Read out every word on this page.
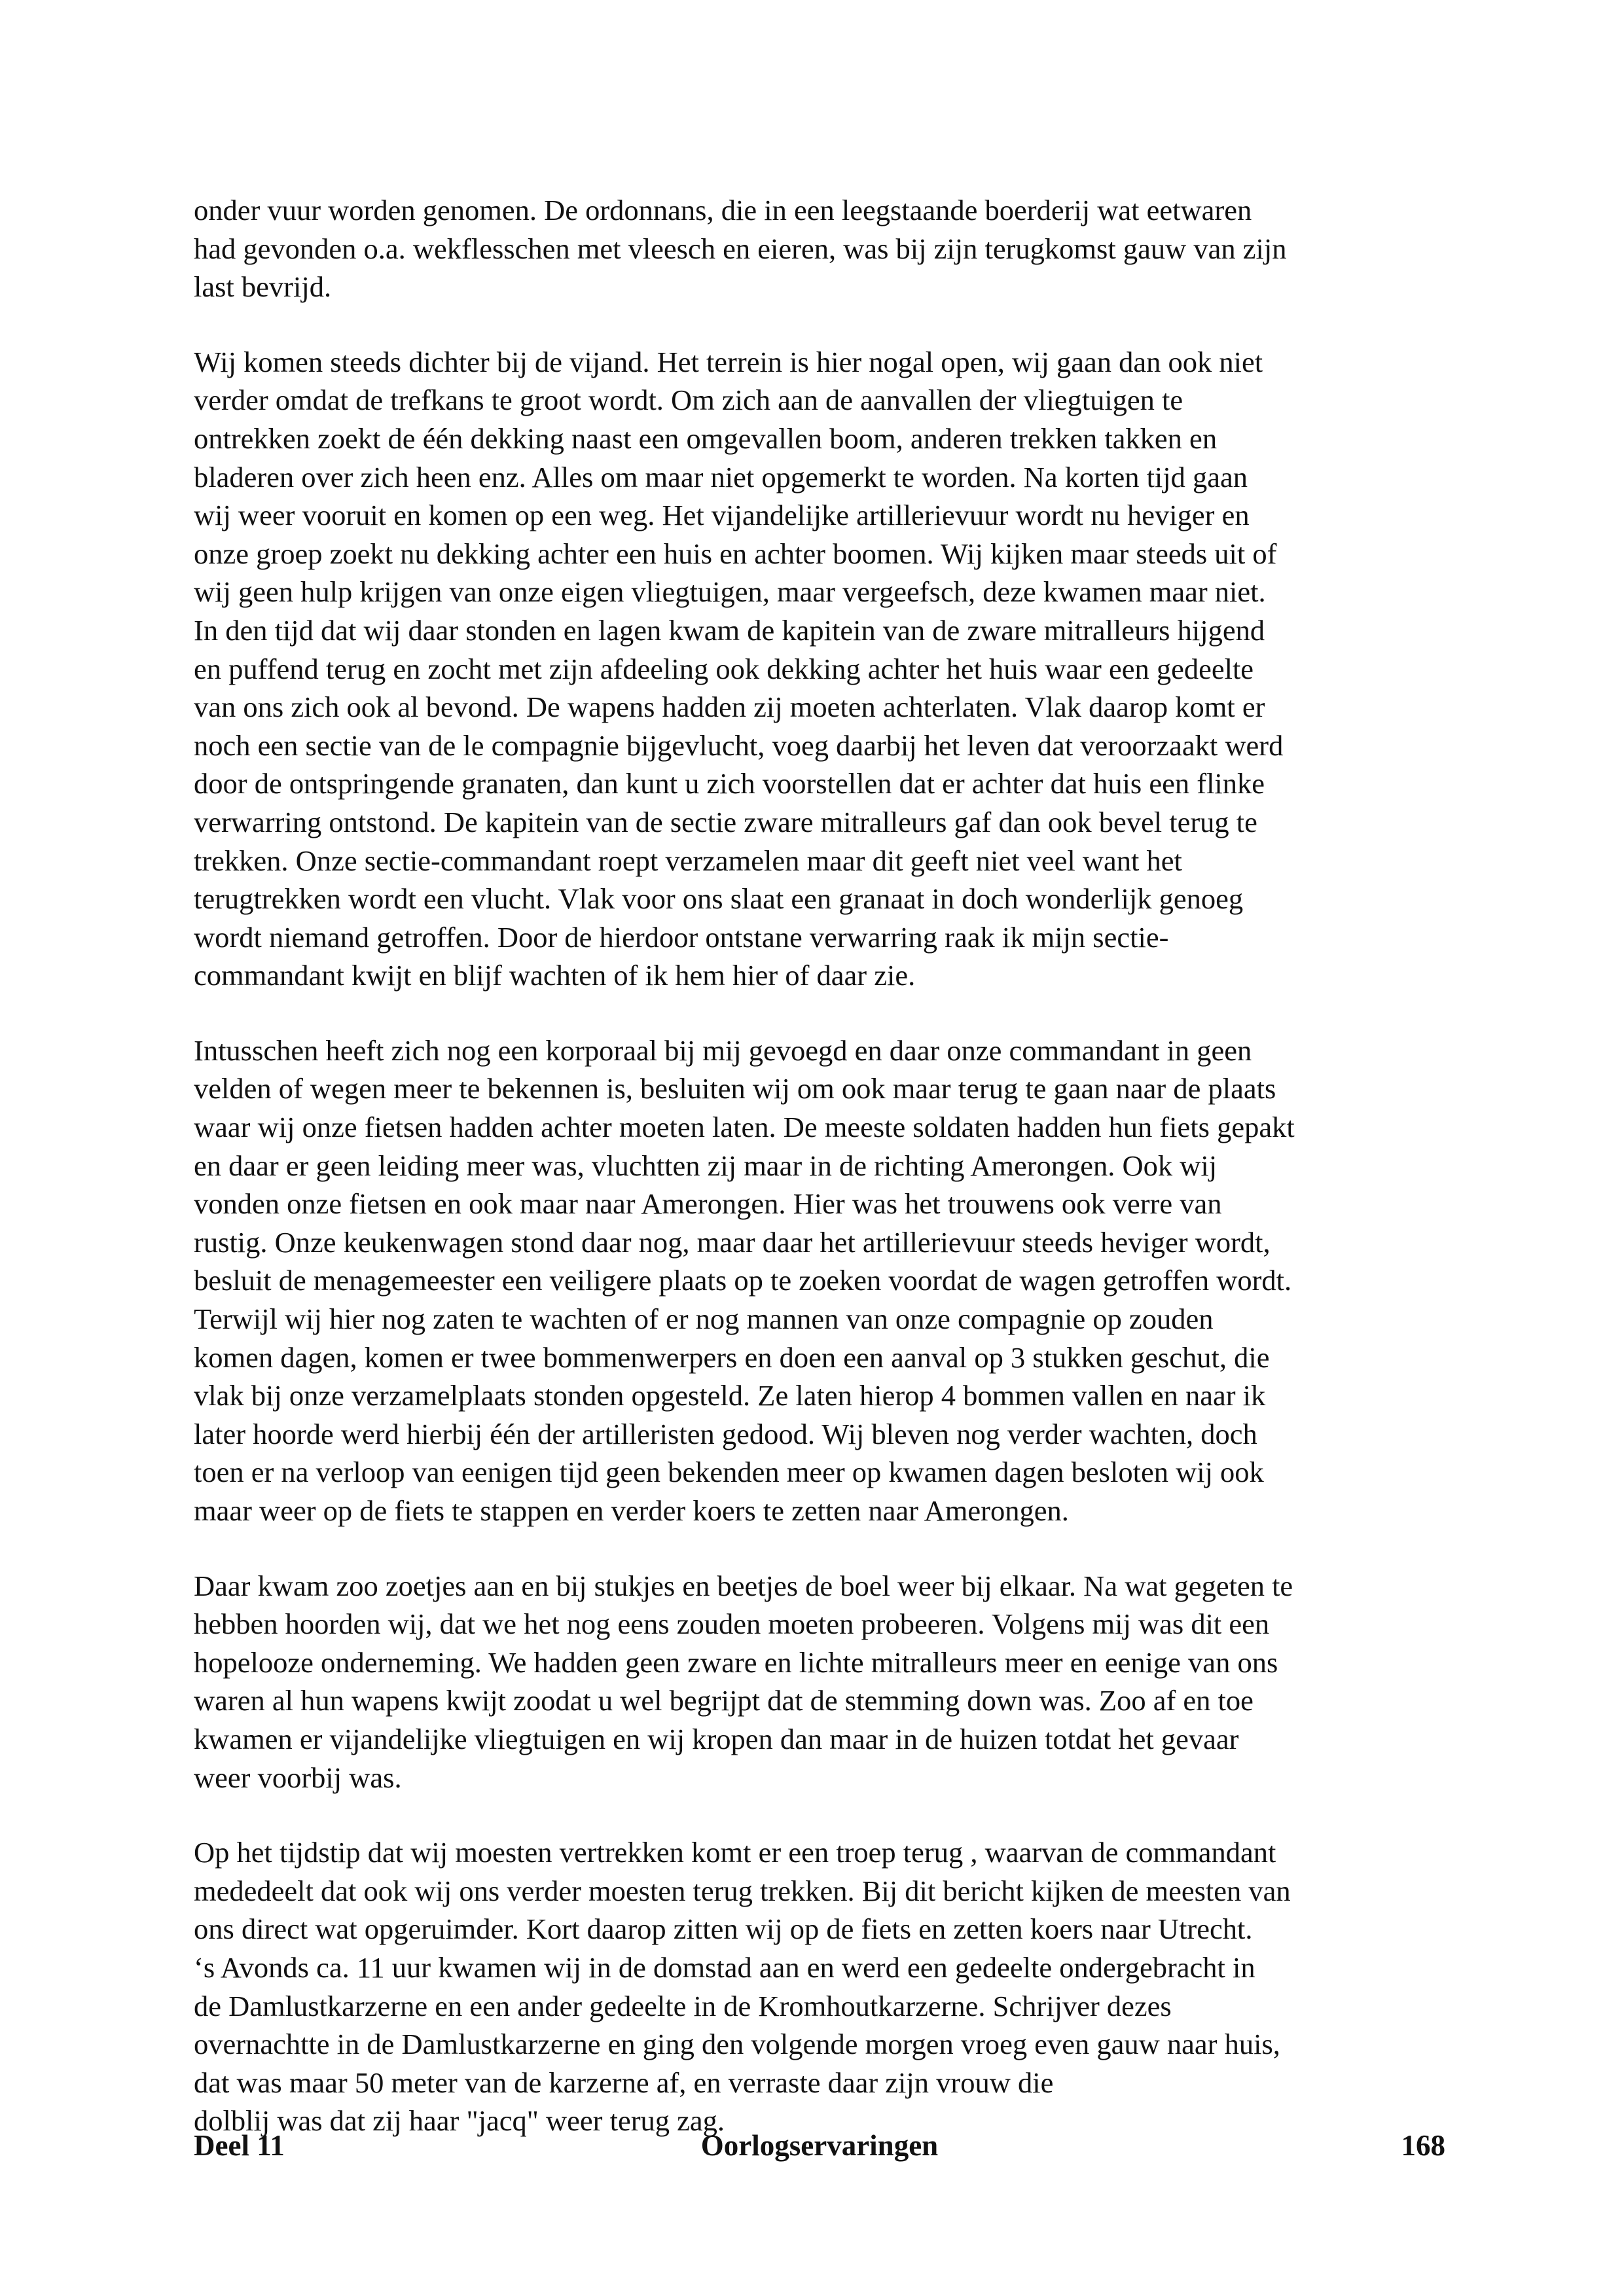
onder vuur worden genomen. De ordonnans, die in een leegstaande boerderij wat eetwaren
had gevonden o.a. wekflesschen met vleesch en eieren, was bij zijn terugkomst gauw van zijn
last bevrijd.

Wij komen steeds dichter bij de vijand. Het terrein is hier nogal open, wij gaan dan ook niet
verder omdat de trefkans te groot wordt. Om zich aan de aanvallen der vliegtuigen te
ontrekken zoekt de één dekking naast een omgevallen boom, anderen trekken takken en
bladeren over zich heen enz. Alles om maar niet opgemerkt te worden. Na korten tijd gaan
wij weer vooruit en komen op een weg. Het vijandelijke artillerievuur wordt nu heviger en
onze groep zoekt nu dekking achter een huis en achter boomen. Wij kijken maar steeds uit of
wij geen hulp krijgen van onze eigen vliegtuigen, maar vergeefsch, deze kwamen maar niet.
In den tijd dat wij daar stonden en lagen kwam de kapitein van de zware mitralleurs hijgend
en puffend terug en zocht met zijn afdeeling ook dekking achter het huis waar een gedeelte
van ons zich ook al bevond. De wapens hadden zij moeten achterlaten. Vlak daarop komt er
noch een sectie van de le compagnie bijgevlucht, voeg daarbij het leven dat veroorzaakt werd
door de ontspringende granaten, dan kunt u zich voorstellen dat er achter dat huis een flinke
verwarring ontstond. De kapitein van de sectie zware mitralleurs gaf dan ook bevel terug te
trekken. Onze sectie-commandant roept verzamelen maar dit geeft niet veel want het
terugtrekken wordt een vlucht. Vlak voor ons slaat een granaat in doch wonderlijk genoeg
wordt niemand getroffen. Door de hierdoor ontstane verwarring raak ik mijn sectie-
commandant kwijt en blijf wachten of ik hem hier of daar zie.

Intusschen heeft zich nog een korporaal bij mij gevoegd en daar onze commandant in geen
velden of wegen meer te bekennen is, besluiten wij om ook maar terug te gaan naar de plaats
waar wij onze fietsen hadden achter moeten laten. De meeste soldaten hadden hun fiets gepakt
en daar er geen leiding meer was, vluchtten zij maar in de richting Amerongen. Ook wij
vonden onze fietsen en ook maar naar Amerongen. Hier was het trouwens ook verre van
rustig. Onze keukenwagen stond daar nog, maar daar het artillerievuur steeds heviger wordt,
besluit de menagemeester een veiligere plaats op te zoeken voordat de wagen getroffen wordt.
Terwijl wij hier nog zaten te wachten of er nog mannen van onze compagnie op zouden
komen dagen, komen er twee bommenwerpers en doen een aanval op 3 stukken geschut, die
vlak bij onze verzamelplaats stonden opgesteld. Ze laten hierop 4 bommen vallen en naar ik
later hoorde werd hierbij één der artilleristen gedood. Wij bleven nog verder wachten, doch
toen er na verloop van eenigen tijd geen bekenden meer op kwamen dagen besloten wij ook
maar weer op de fiets te stappen en verder koers te zetten naar Amerongen.

Daar kwam zoo zoetjes aan en bij stukjes en beetjes de boel weer bij elkaar. Na wat gegeten te
hebben hoorden wij, dat we het nog eens zouden moeten probeeren. Volgens mij was dit een
hopelooze onderneming. We hadden geen zware en lichte mitralleurs meer en eenige van ons
waren al hun wapens kwijt zoodat u wel begrijpt dat de stemming down was. Zoo af en toe
kwamen er vijandelijke vliegtuigen en wij kropen dan maar in de huizen totdat het gevaar
weer voorbij was.

Op het tijdstip dat wij moesten vertrekken komt er een troep terug , waarvan de commandant
mededeelt dat ook wij ons verder moesten terug trekken. Bij dit bericht kijken de meesten van
ons direct wat opgeruimder. Kort daarop zitten wij op de fiets en zetten koers naar Utrecht.
‘s Avonds ca. 11 uur kwamen wij in de domstad aan en werd een gedeelte ondergebracht in
de Damlustkarzerne en een ander gedeelte in de Kromhoutkarzerne. Schrijver dezes
overnachtte in de Damlustkarzerne en ging den volgende morgen vroeg even gauw naar huis,
dat was maar 50 meter van de karzerne af, en verraste daar zijn vrouw die
dolblij was dat zij haar "jacq" weer terug zag.

Deel 11	Oorlogservaringen	168
